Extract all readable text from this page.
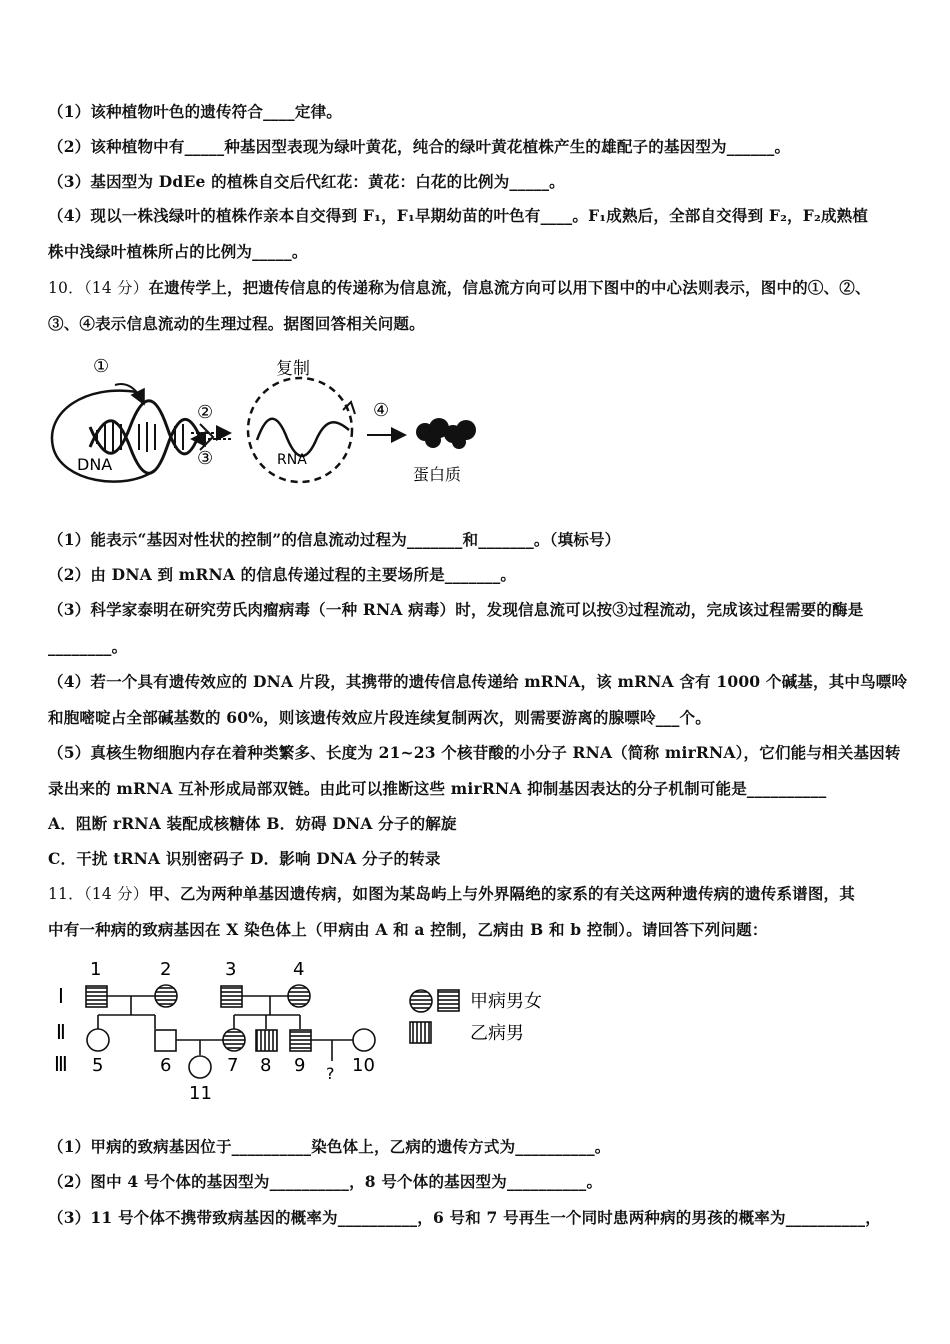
（1）该种植物叶色的遗传符合____定律。
（2）该种植物中有_____种基因型表现为绿叶黄花，纯合的绿叶黄花植株产生的雄配子的基因型为______。
（3）基因型为 DdEe 的植株自交后代红花：黄花：白花的比例为_____。
（4）现以一株浅绿叶的植株作亲本自交得到 F₁，F₁早期幼苗的叶色有____。F₁成熟后，全部自交得到 F₂，F₂成熟植
株中浅绿叶植株所占的比例为_____。
10．（14 分）在遗传学上，把遗传信息的传递称为信息流，信息流方向可以用下图中的中心法则表示，图中的①、②、
③、④表示信息流动的生理过程。据图回答相关问题。
①
DNA
②
③
复制
RNA
④
蛋白质
（1）能表示“基因对性状的控制”的信息流动过程为_______和_______。（填标号）
（2）由 DNA 到 mRNA 的信息传递过程的主要场所是_______。
（3）科学家泰明在研究劳氏肉瘤病毒（一种 RNA 病毒）时，发现信息流可以按③过程流动，完成该过程需要的酶是
________。
（4）若一个具有遗传效应的 DNA 片段，其携带的遗传信息传递给 mRNA，该 mRNA 含有 1000 个碱基，其中鸟嘌呤
和胞嘧啶占全部碱基数的 60%，则该遗传效应片段连续复制两次，则需要游离的腺嘌呤___个。
（5）真核生物细胞内存在着种类繁多、长度为 21~23 个核苷酸的小分子 RNA（简称 mirRNA），它们能与相关基因转
录出来的 mRNA 互补形成局部双链。由此可以推断这些 mirRNA 抑制基因表达的分子机制可能是__________
A．阻断 rRNA 装配成核糖体 B．妨碍 DNA 分子的解旋
C．干扰 tRNA 识别密码子 D．影响 DNA 分子的转录
11．（14 分）甲、乙为两种单基因遗传病，如图为某岛屿上与外界隔绝的家系的有关这两种遗传病的遗传系谱图，其
中有一种病的致病基因在 X 染色体上（甲病由 A 和 a 控制，乙病由 B 和 b 控制）。请回答下列问题：
Ⅰ
Ⅱ
Ⅲ
1	2	3	4
?
5	6	7 8 9	10
11
甲病男女
乙病男
（1）甲病的致病基因位于__________染色体上，乙病的遗传方式为__________。
（2）图中 4 号个体的基因型为__________，8 号个体的基因型为__________。
（3）11 号个体不携带致病基因的概率为__________，6 号和 7 号再生一个同时患两种病的男孩的概率为__________，
